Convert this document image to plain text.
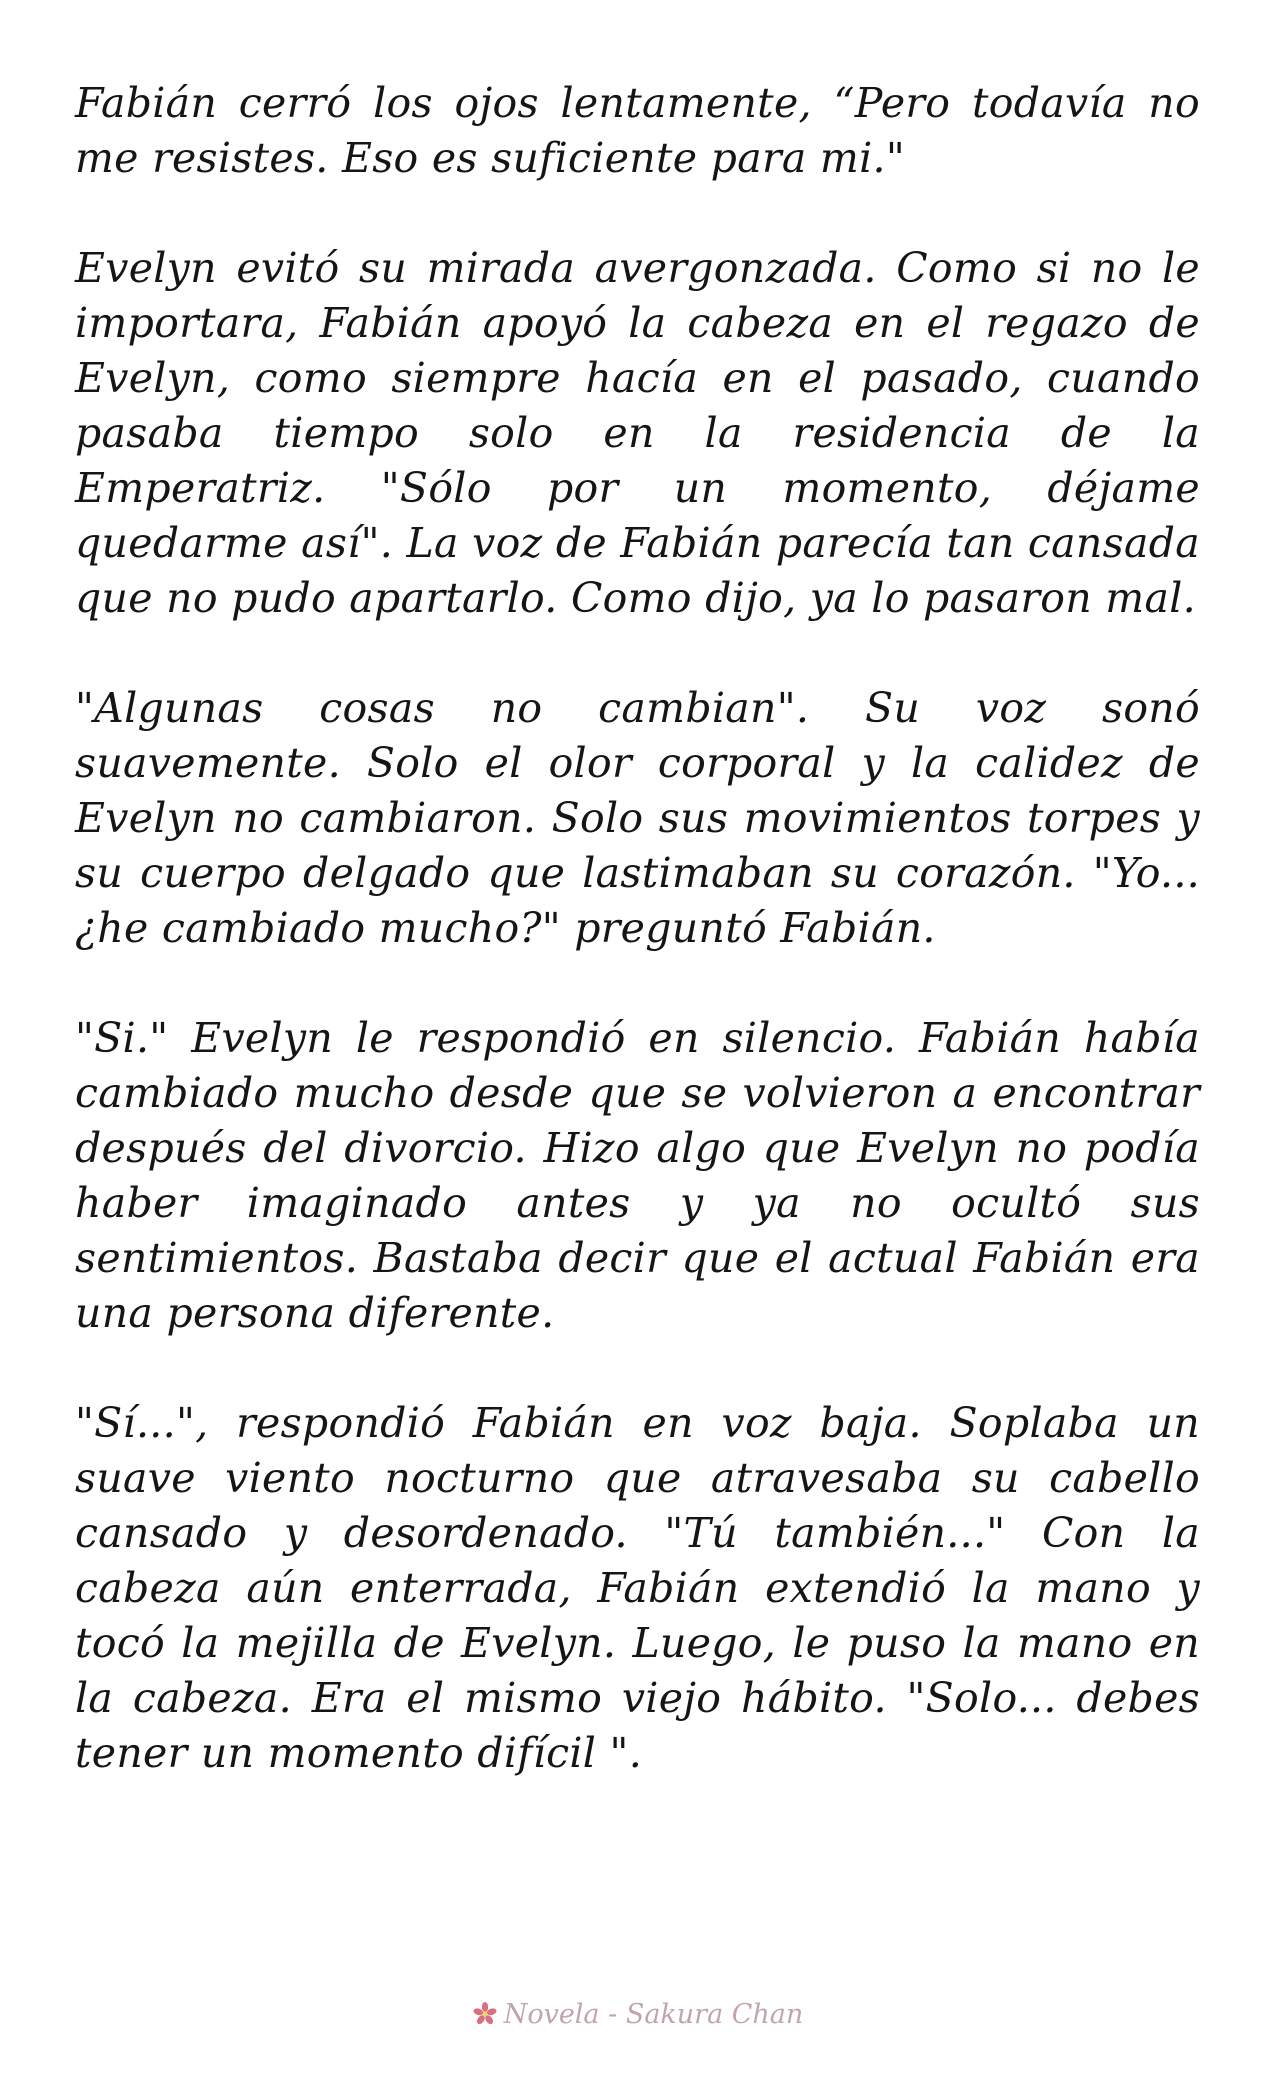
Fabián cerró los ojos lentamente, “Pero todavía no me resistes. Eso es suficiente para mi."

Evelyn evitó su mirada avergonzada. Como si no le importara, Fabián apoyó la cabeza en el regazo de Evelyn, como siempre hacía en el pasado, cuando pasaba tiempo solo en la residencia de la Emperatriz. "Sólo por un momento, déjame quedarme así". La voz de Fabián parecía tan cansada que no pudo apartarlo. Como dijo, ya lo pasaron mal.

"Algunas cosas no cambian". Su voz sonó suavemente. Solo el olor corporal y la calidez de Evelyn no cambiaron. Solo sus movimientos torpes y su cuerpo delgado que lastimaban su corazón. "Yo... ¿he cambiado mucho?" preguntó Fabián.

"Si." Evelyn le respondió en silencio. Fabián había cambiado mucho desde que se volvieron a encontrar después del divorcio. Hizo algo que Evelyn no podía haber imaginado antes y ya no ocultó sus sentimientos. Bastaba decir que el actual Fabián era una persona diferente.

"Sí...", respondió Fabián en voz baja. Soplaba un suave viento nocturno que atravesaba su cabello cansado y desordenado. "Tú también..." Con la cabeza aún enterrada, Fabián extendió la mano y tocó la mejilla de Evelyn. Luego, le puso la mano en la cabeza. Era el mismo viejo hábito. "Solo... debes tener un momento difícil ".

Novela - Sakura Chan
